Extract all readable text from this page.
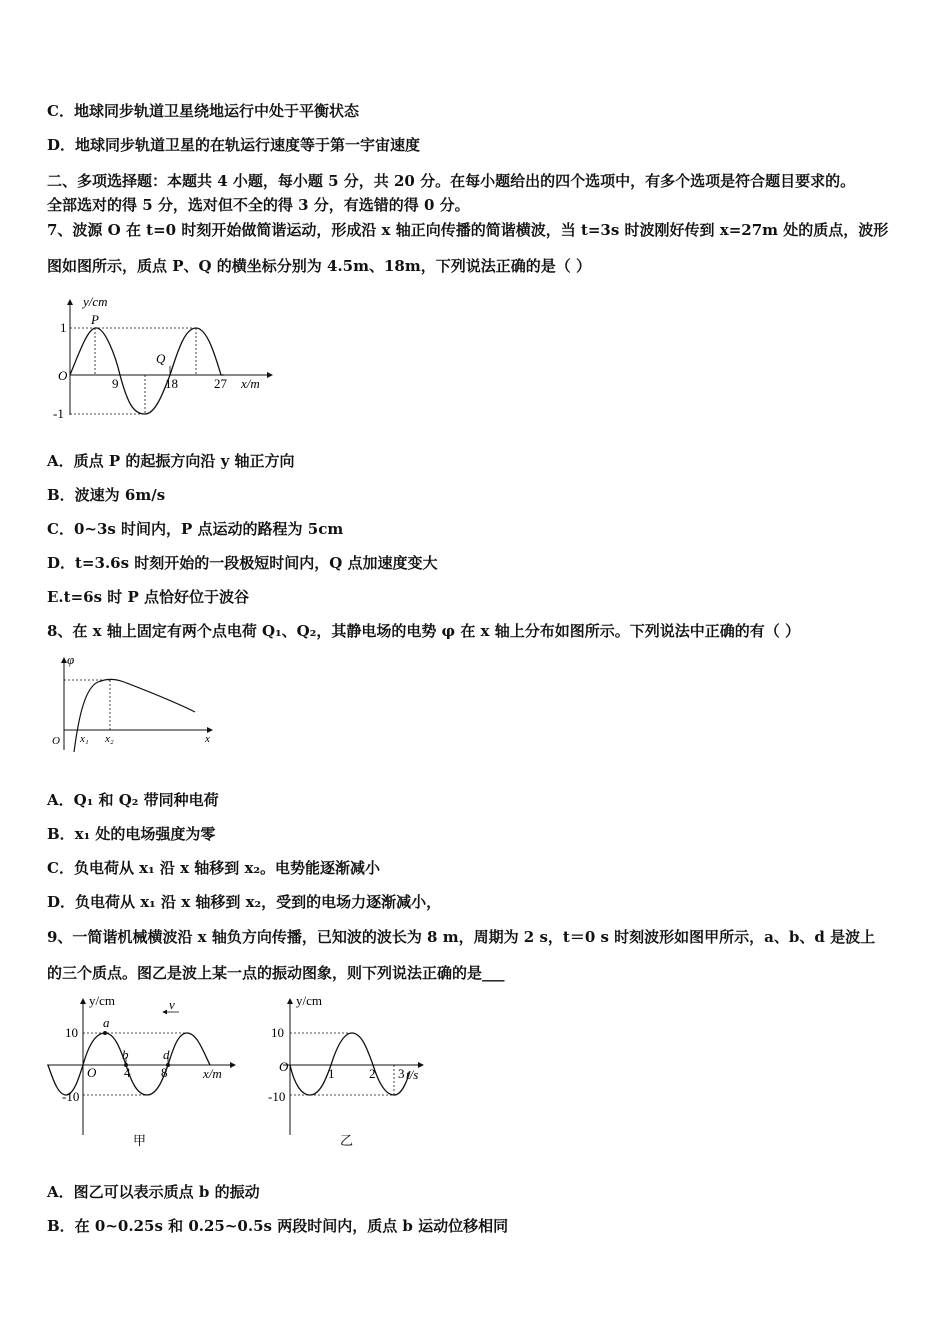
C．地球同步轨道卫星绕地运行中处于平衡状态
D．地球同步轨道卫星的在轨运行速度等于第一宇宙速度
二、多项选择题：本题共 4 小题，每小题 5 分，共 20 分。在每小题给出的四个选项中，有多个选项是符合题目要求的。
全部选对的得 5 分，选对但不全的得 3 分，有选错的得 0 分。
7、波源 O 在 t=0 时刻开始做简谐运动，形成沿 x 轴正向传播的简谐横波，当 t=3s 时波刚好传到 x=27m 处的质点，波形
图如图所示，质点 P、Q 的横坐标分别为 4.5m、18m，下列说法正确的是（ ）
y/cm
x/m
O
P
Q
1
-1
9	18	27
A．质点 P 的起振方向沿 y 轴正方向
B．波速为 6m/s
C．0~3s 时间内，P 点运动的路程为 5cm
D．t=3.6s 时刻开始的一段极短时间内，Q 点加速度变大
E.t=6s 时 P 点恰好位于波谷
8、在 x 轴上固定有两个点电荷 Q₁、Q₂，其静电场的电势 φ 在 x 轴上分布如图所示。下列说法中正确的有（ ）
φ
x
O x₁ x₂
A．Q₁ 和 Q₂ 带同种电荷
B．x₁ 处的电场强度为零
C．负电荷从 x₁ 沿 x 轴移到 x₂。电势能逐渐减小
D．负电荷从 x₁ 沿 x 轴移到 x₂，受到的电场力逐渐减小，
9、一简谐机械横波沿 x 轴负方向传播，已知波的波长为 8 m，周期为 2 s，t＝0 s 时刻波形如图甲所示，a、b、d 是波上
的三个质点。图乙是波上某一点的振动图象，则下列说法正确的是___
v
y/cm
x/m
O
10
-10
4 8
a
b	d
甲
y/cm
t/s
O
10
-10
1	2 3
乙
A．图乙可以表示质点 b 的振动
B．在 0~0.25s 和 0.25~0.5s 两段时间内，质点 b 运动位移相同
